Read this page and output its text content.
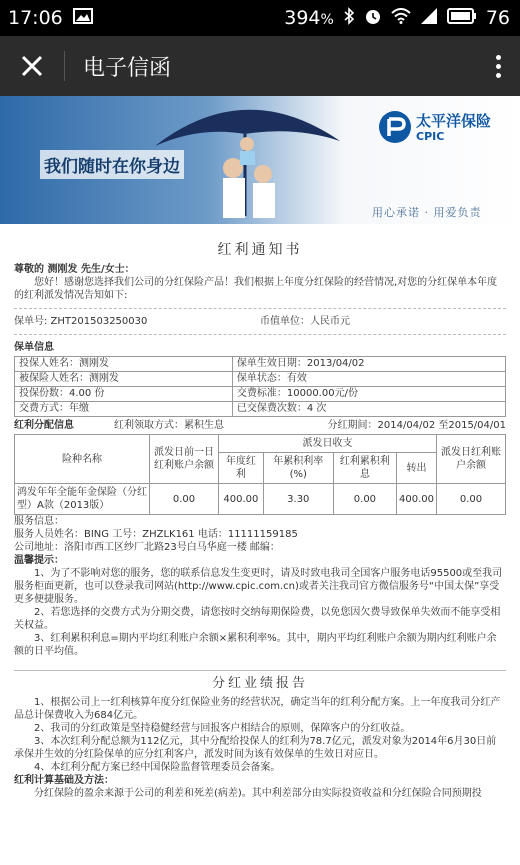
17:06	394%	76
电子信函
我们随时在你身边
太平洋保险
CPIC
用心承诺 · 用爱负责
红利通知书

尊敬的 测刚发 先生/女士：

您好！感谢您选择我们公司的分红保险产品！我们根据上年度分红保险的经营情况,对您的分红保单本年度的红利派发情况告知如下:

保单号: ZHT201503250030	币值单位：人民币元

保单信息

投保人姓名：测刚发	保单生效日期：2013/04/02
被保险人姓名：测刚发	保单状态：有效
投保份数：4.00 份	交费标准：10000.00元/份
交费方式：年缴	已交保费次数：4 次
红利分配信息	红利领取方式：累积生息	分红期间：2014/04/02 至2015/04/01
险种名称	派发日前一日红利账户余额	派发日收支				派发日红利账户余额
		年度红利	年累积利率(%)	红利累积利息	转出	
鸿发年年全能年金保险（分红型）A款（2013版）	0.00	400.00	3.30	0.00	400.00	0.00

服务信息：

服务人员姓名：BING 工号：ZHZLK161 电话：11111159185

公司地址：洛阳市西工区纱厂北路23号白马华庭一楼 邮编：

温馨提示：

1、为了不影响对您的服务，您的联系信息发生变更时，请及时致电我司全国客户服务电话95500或至我司服务柜面更新，也可以登录我司网站(http://www.cpic.com.cn)或者关注我司官方微信服务号“中国太保”享受更多便捷服务。

2、若您选择的交费方式为分期交费，请您按时交纳每期保险费，以免您因欠费导致保单失效而不能享受相关权益。

3、红利累积利息=期内平均红利账户余额×累积利率%。其中，期内平均红利账户余额为期内红利账户余额的日平均值。

分红业绩报告

1、根据公司上一红利核算年度分红保险业务的经营状况，确定当年的红利分配方案。上一年度我司分红产品总计保费收入为684亿元。

2、我司的分红政策是坚持稳健经营与回报客户相结合的原则，保障客户的分红收益。

3、本次红利分配总额为112亿元，其中分配给投保人的红利为78.7亿元，派发对象为2014年6月30日前承保并生效的分红险保单的应分红利客户，派发时间为该有效保单的生效日对应日。

4、本红利分配方案已经中国保险监督管理委员会备案。

红利计算基础及方法：

分红保险的盈余来源于公司的利差和死差(病差)。其中利差部分由实际投资收益和分红保险合同预期投
